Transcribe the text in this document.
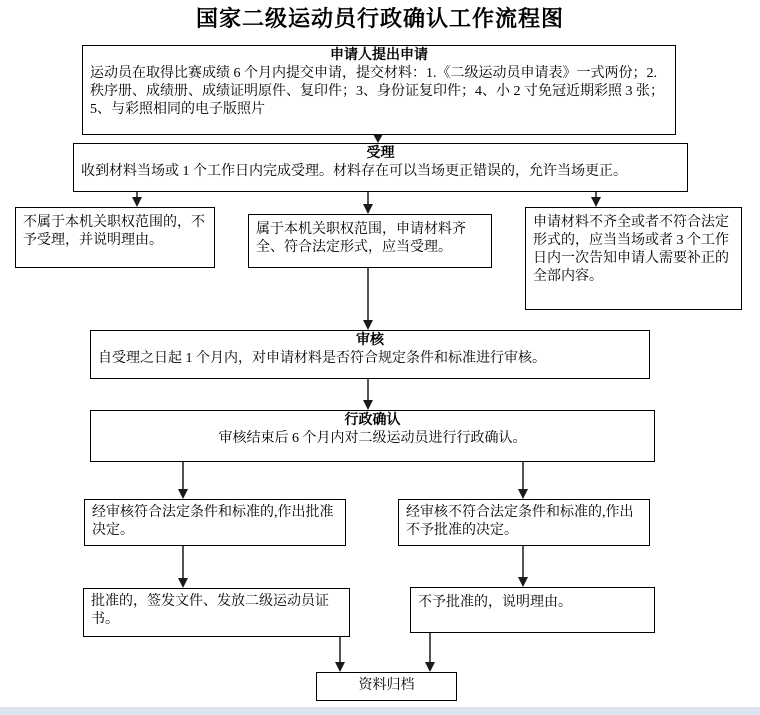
国家二级运动员行政确认工作流程图
申请人提出申请
运动员在取得比赛成绩 6 个月内提交申请，提交材料：1.《二级运动员申请表》一式两份；2.秩序册、成绩册、成绩证明原件、复印件；3、身份证复印件；4、小 2 寸免冠近期彩照 3 张；5、与彩照相同的电子版照片
受理
收到材料当场或 1 个工作日内完成受理。材料存在可以当场更正错误的，允许当场更正。
不属于本机关职权范围的，不予受理，并说明理由。
属于本机关职权范围，申请材料齐全、符合法定形式，应当受理。
申请材料不齐全或者不符合法定形式的，应当当场或者 3 个工作日内一次告知申请人需要补正的全部内容。
审核
自受理之日起 1 个月内，对申请材料是否符合规定条件和标准进行审核。
行政确认
审核结束后 6 个月内对二级运动员进行行政确认。
经审核符合法定条件和标准的,作出批准决定。
经审核不符合法定条件和标准的,作出不予批准的决定。
批准的，签发文件、发放二级运动员证书。
不予批准的，说明理由。
资料归档
